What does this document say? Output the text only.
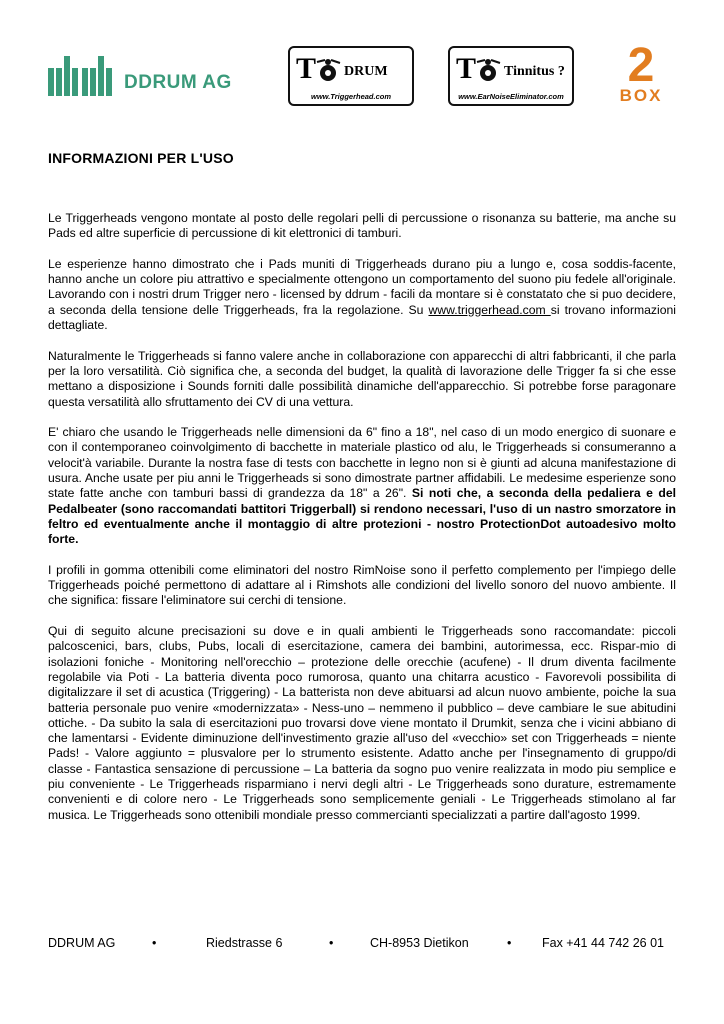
DDRUM AG T DRUM
www.Triggerhead.com
T Tinnitus ?
www.EarNoiseEliminator.com
2
BOX
INFORMAZIONI PER L'USO

Le Triggerheads vengono montate al posto delle regolari pelli di percussione o risonanza su batterie, ma anche su Pads ed altre superficie di percussione di kit elettronici di tamburi.

Le esperienze hanno dimostrato che i Pads muniti di Triggerheads durano piu a lungo e, cosa soddis-facente, hanno anche un colore piu attrattivo e specialmente ottengono un comportamento del suono piu fedele all'originale. Lavorando con i nostri drum Trigger nero - licensed by ddrum - facili da montare si è constatato che si puo decidere, a seconda della tensione delle Triggerheads, fra la regolazione. Su www.triggerhead.com si trovano informazioni dettagliate.

Naturalmente le Triggerheads si fanno valere anche in collaborazione con apparecchi di altri fabbricanti, il che parla per la loro versatilità. Ciò significa che, a seconda del budget, la qualità di lavorazione delle Trigger fa si che esse mettano a disposizione i Sounds forniti dalle possibilità dinamiche dell'apparecchio. Si potrebbe forse paragonare questa versatilità allo sfruttamento dei CV di una vettura.

E' chiaro che usando le Triggerheads nelle dimensioni da 6" fino a 18", nel caso di un modo energico di suonare e con il contemporaneo coinvolgimento di bacchette in materiale plastico od alu, le Triggerheads si consumeranno a velocit'à variabile. Durante la nostra fase di tests con bacchette in legno non si è giunti ad alcuna manifestazione di usura. Anche usate per piu anni le Triggerheads si sono dimostrate partner affidabili. Le medesime esperienze sono state fatte anche con tamburi bassi di grandezza da 18" a 26". Si noti che, a seconda della pedaliera e del Pedalbeater (sono raccomandati battitori Triggerball) si rendono necessari, l'uso di un nastro smorzatore in feltro ed eventualmente anche il montaggio di altre protezioni - nostro ProtectionDot autoadesivo molto forte.

I profili in gomma ottenibili come eliminatori del nostro RimNoise sono il perfetto complemento per l'impiego delle Triggerheads poiché permettono di adattare al i Rimshots alle condizioni del livello sonoro del nuovo ambiente. Il che significa: fissare l'eliminatore sui cerchi di tensione.

Qui di seguito alcune precisazioni su dove e in quali ambienti le Triggerheads sono raccomandate: piccoli palcoscenici, bars, clubs, Pubs, locali di esercitazione, camera dei bambini, autorimessa, ecc. Rispar-mio di isolazioni foniche - Monitoring nell'orecchio – protezione delle orecchie (acufene) - Il drum diventa facilmente regolabile via Poti - La batteria diventa poco rumorosa, quanto una chitarra acustico - Favorevoli possibilita di digitalizzare il set di acustica (Triggering) - La batterista non deve abituarsi ad alcun nuovo ambiente, poiche la sua batteria personale puo venire «modernizzata» - Ness-uno – nemmeno il pubblico – deve cambiare le sue abitudini ottiche. - Da subito la sala di esercitazioni puo trovarsi dove viene montato il Drumkit, senza che i vicini abbiano di che lamentarsi - Evidente diminuzione dell'investimento grazie all'uso del «vecchio» set con Triggerheads = niente Pads! - Valore aggiunto = plusvalore per lo strumento esistente. Adatto anche per l'insegnamento di gruppo/di classe - Fantastica sensazione di percussione – La batteria da sogno puo venire realizzata in modo piu semplice e piu conveniente - Le Triggerheads risparmiano i nervi degli altri - Le Triggerheads sono durature, estremamente convenienti e di colore nero - Le Triggerheads sono semplicemente geniali - Le Triggerheads stimolano al far musica. Le Triggerheads sono ottenibili mondiale presso commercianti specializzati a partire dall'agosto 1999.

DDRUM AG	•	Riedstrasse 6	•	CH-8953 Dietikon	• Fax +41 44 742 26 01
